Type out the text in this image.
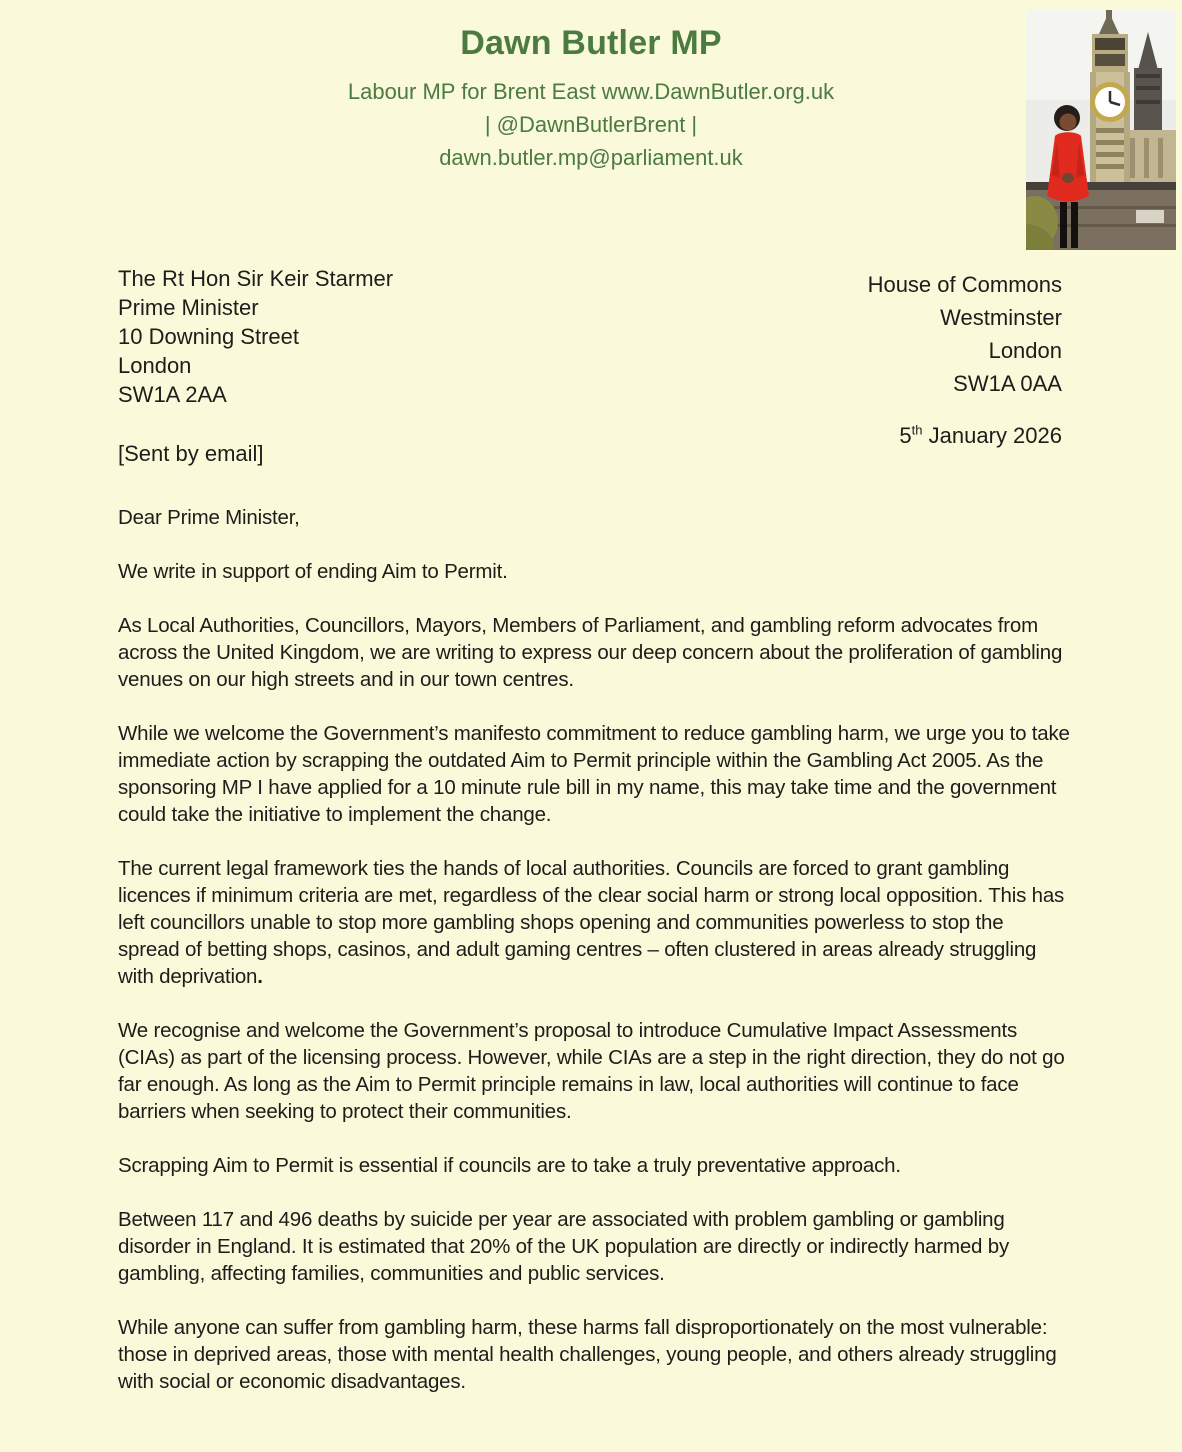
Dawn Butler MP
Labour MP for Brent East www.DawnButler.org.uk
| @DawnButlerBrent |
dawn.butler.mp@parliament.uk
The Rt Hon Sir Keir Starmer
Prime Minister
10 Downing Street
London
SW1A 2AA
[Sent by email]
House of Commons
Westminster
London
SW1A 0AA
5th January 2026

Dear Prime Minister,

We write in support of ending Aim to Permit.

As Local Authorities, Councillors, Mayors, Members of Parliament, and gambling reform advocates from across the United Kingdom, we are writing to express our deep concern about the proliferation of gambling venues on our high streets and in our town centres.

While we welcome the Government’s manifesto commitment to reduce gambling harm, we urge you to take immediate action by scrapping the outdated Aim to Permit principle within the Gambling Act 2005. As the sponsoring MP I have applied for a 10 minute rule bill in my name, this may take time and the government could take the initiative to implement the change.

The current legal framework ties the hands of local authorities. Councils are forced to grant gambling licences if minimum criteria are met, regardless of the clear social harm or strong local opposition. This has left councillors unable to stop more gambling shops opening and communities powerless to stop the spread of betting shops, casinos, and adult gaming centres – often clustered in areas already struggling with deprivation.

We recognise and welcome the Government’s proposal to introduce Cumulative Impact Assessments (CIAs) as part of the licensing process. However, while CIAs are a step in the right direction, they do not go far enough. As long as the Aim to Permit principle remains in law, local authorities will continue to face barriers when seeking to protect their communities.

Scrapping Aim to Permit is essential if councils are to take a truly preventative approach.

Between 117 and 496 deaths by suicide per year are associated with problem gambling or gambling disorder in England. It is estimated that 20% of the UK population are directly or indirectly harmed by gambling, affecting families, communities and public services.

While anyone can suffer from gambling harm, these harms fall disproportionately on the most vulnerable: those in deprived areas, those with mental health challenges, young people, and others already struggling with social or economic disadvantages.
